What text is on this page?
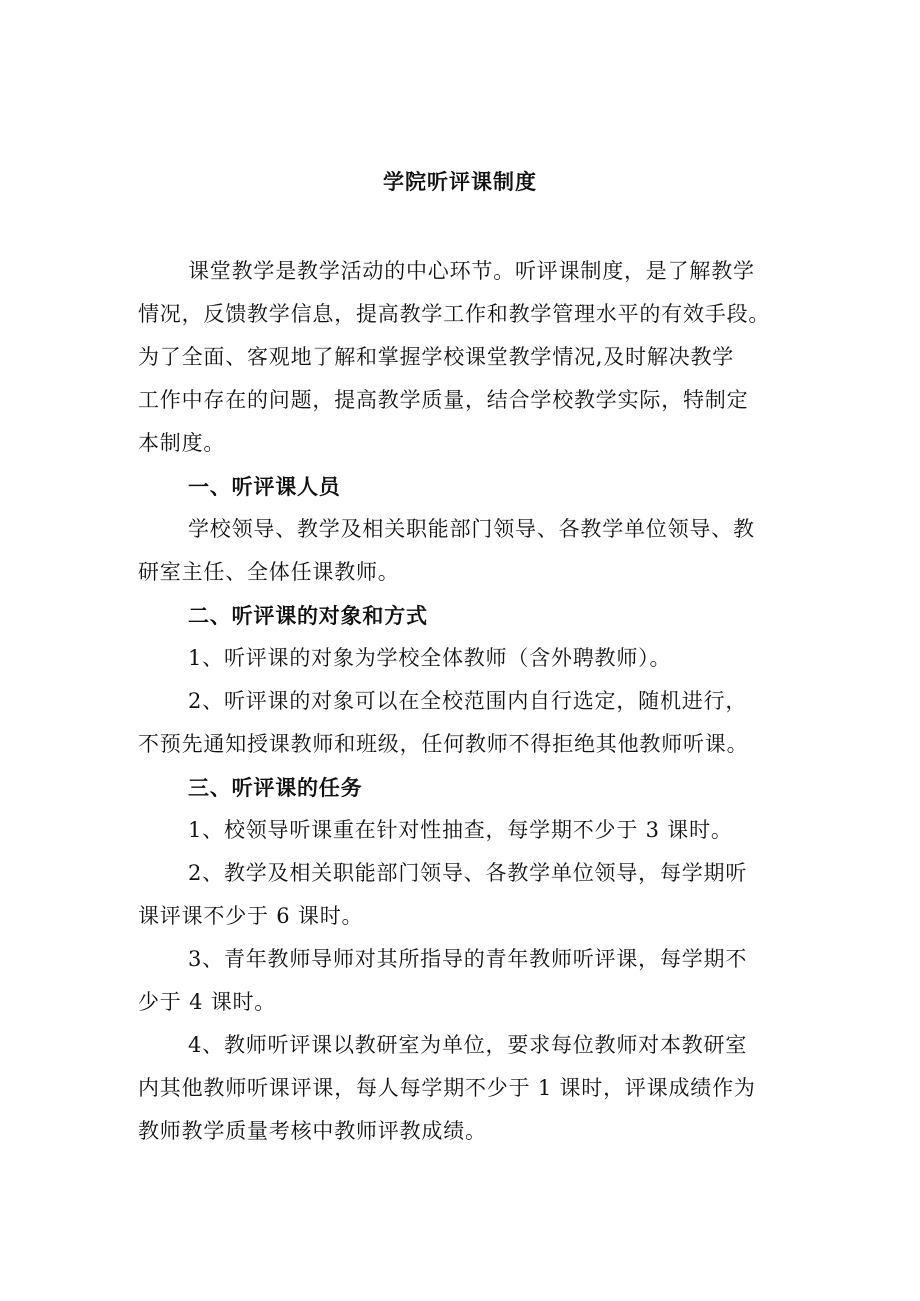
学院听评课制度
课堂教学是教学活动的中心环节。听评课制度，是了解教学
情况，反馈教学信息，提高教学工作和教学管理水平的有效手段。
为了全面、客观地了解和掌握学校课堂教学情况,及时解决教学
工作中存在的问题，提高教学质量，结合学校教学实际，特制定
本制度。
一、听评课人员
学校领导、教学及相关职能部门领导、各教学单位领导、教
研室主任、全体任课教师。
二、听评课的对象和方式
1、听评课的对象为学校全体教师（含外聘教师）。
2、听评课的对象可以在全校范围内自行选定，随机进行，
不预先通知授课教师和班级，任何教师不得拒绝其他教师听课。
三、听评课的任务
1、校领导听课重在针对性抽查，每学期不少于 3 课时。
2、教学及相关职能部门领导、各教学单位领导，每学期听
课评课不少于 6 课时。
3、青年教师导师对其所指导的青年教师听评课，每学期不
少于 4 课时。
4、教师听评课以教研室为单位，要求每位教师对本教研室
内其他教师听课评课，每人每学期不少于 1 课时，评课成绩作为
教师教学质量考核中教师评教成绩。
